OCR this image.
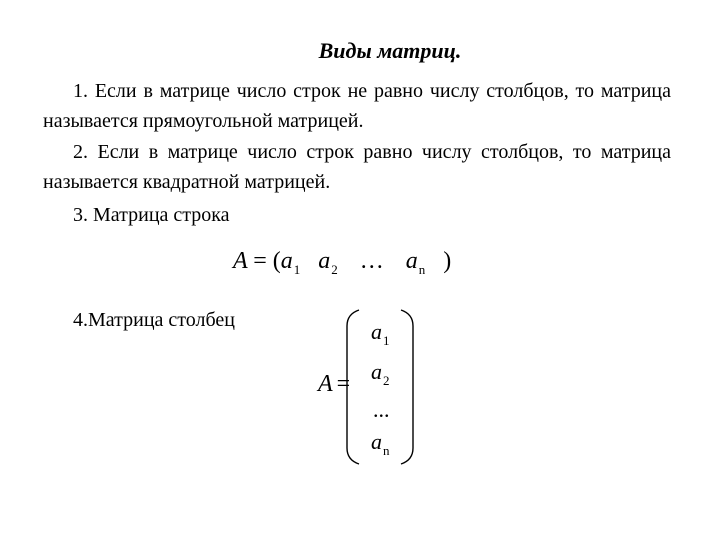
Виды матриц.
1. Если в матрице число строк не равно числу столбцов, то матрица называется прямоугольной матрицей.
2. Если в матрице число строк равно числу столбцов, то матрица называется квадратной матрицей.
3. Матрица строка
$A = (a_1$ $a_2$ … $a_n$ )
4.Матрица столбец
A =
$a_1$
$a_2$
...
$a_n$
